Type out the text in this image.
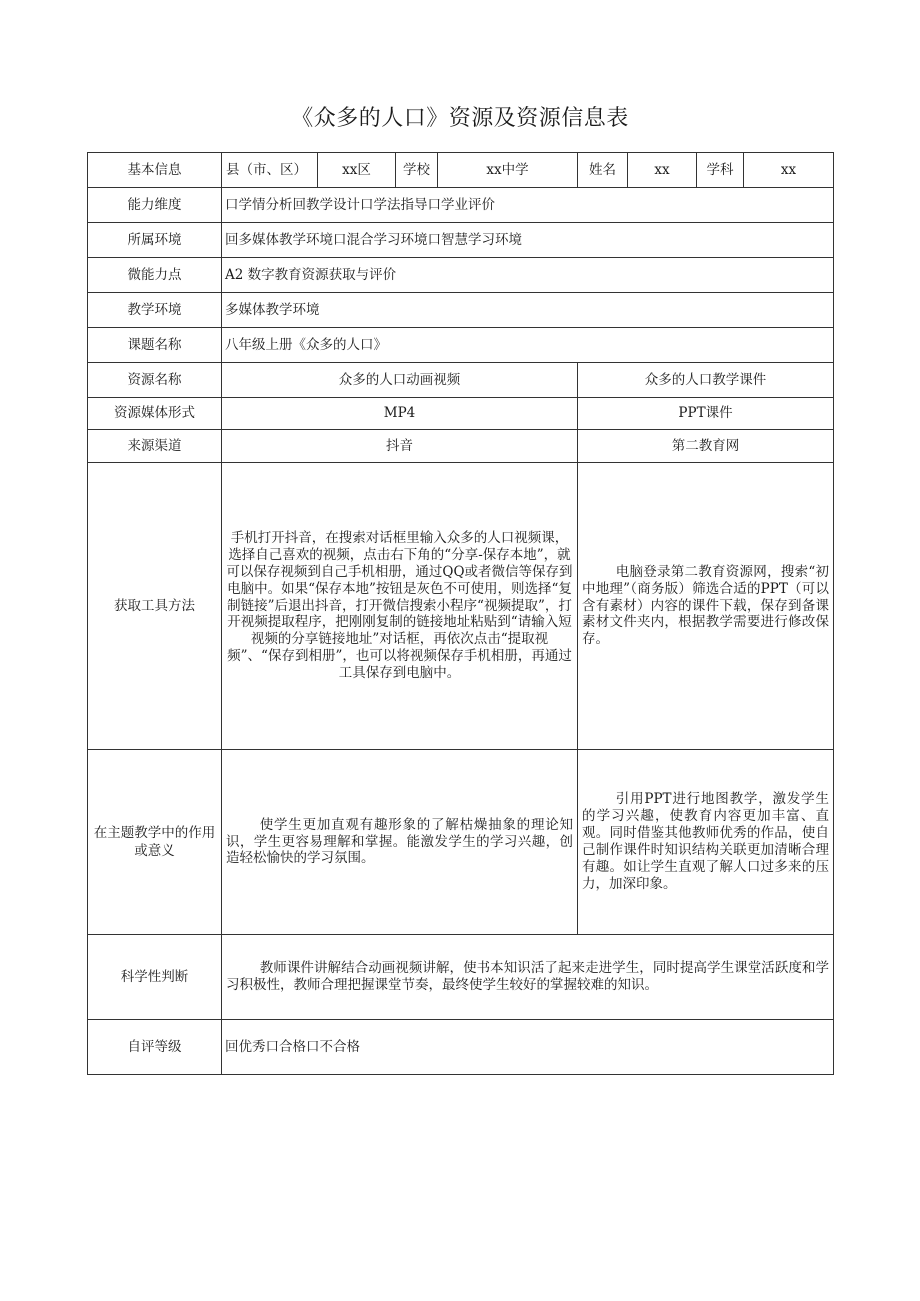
《众多的人口》资源及资源信息表
基本信息	县（市、区）	xx区	学校	xx中学	姓名	xx	学科	xx
能力维度	口学情分析回教学设计口学法指导口学业评价							
所属环境	回多媒体教学环境口混合学习环境口智慧学习环境							
微能力点	A2 数字教育资源获取与评价							
教学环境	多媒体教学环境							
课题名称	八年级上册《众多的人口》							
资源名称	众多的人口动画视频				众多的人口教学课件			
资源媒体形式	MP4				PPT课件			
来源渠道	抖音				第二教育网			
获取工具方法	手机打开抖音，在搜索对话框里输入众多的人口视频课，选择自己喜欢的视频，点击右下角的“分享-保存本地”，就可以保存视频到自己手机相册，通过QQ或者微信等保存到电脑中。如果“保存本地”按钮是灰色不可使用，则选择“复制链接”后退出抖音，打开微信搜索小程序“视频提取”，打开视频提取程序，把刚刚复制的链接地址粘贴到“请输入短视频的分享链接地址”对话框，再依次点击“提取视频”、“保存到相册”，也可以将视频保存手机相册，再通过工具保存到电脑中。				电脑登录第二教育资源网，搜索“初中地理”（商务版）筛选合适的PPT（可以含有素材）内容的课件下载，保存到备课素材文件夹内，根据教学需要进行修改保存。			
在主题教学中的作用或意义	使学生更加直观有趣形象的了解枯燥抽象的理论知识，学生更容易理解和掌握。能激发学生的学习兴趣，创造轻松愉快的学习氛围。				引用PPT进行地图教学，激发学生的学习兴趣，使教育内容更加丰富、直观。同时借鉴其他教师优秀的作品，使自己制作课件时知识结构关联更加清晰合理有趣。如让学生直观了解人口过多来的压力，加深印象。			
科学性判断	教师课件讲解结合动画视频讲解，使书本知识活了起来走进学生，同时提高学生课堂活跃度和学习积极性，教师合理把握课堂节奏，最终使学生较好的掌握较难的知识。							
自评等级	回优秀口合格口不合格							
